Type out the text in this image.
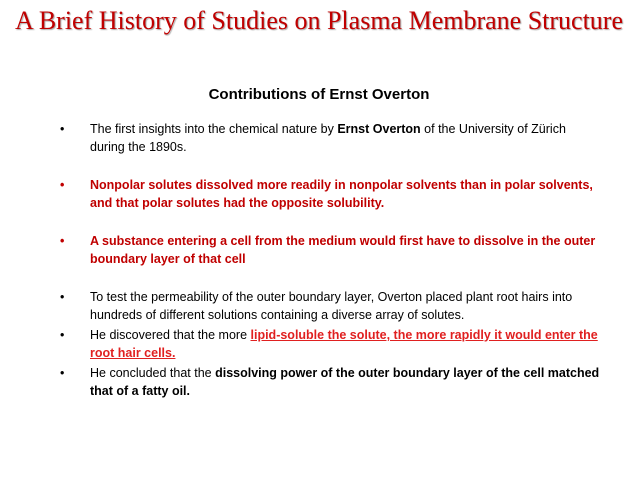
A Brief History of Studies on Plasma Membrane Structure
Contributions of Ernst Overton
• The first insights into the chemical nature by Ernst Overton of the University of Zürich during the 1890s.
• Nonpolar solutes dissolved more readily in nonpolar solvents than in polar solvents, and that polar solutes had the opposite solubility.
• A substance entering a cell from the medium would first have to dissolve in the outer boundary layer of that cell
• To test the permeability of the outer boundary layer, Overton placed plant root hairs into hundreds of different solutions containing a diverse array of solutes.
• He discovered that the more lipid-soluble the solute, the more rapidly it would enter the root hair cells.
• He concluded that the dissolving power of the outer boundary layer of the cell matched that of a fatty oil.
